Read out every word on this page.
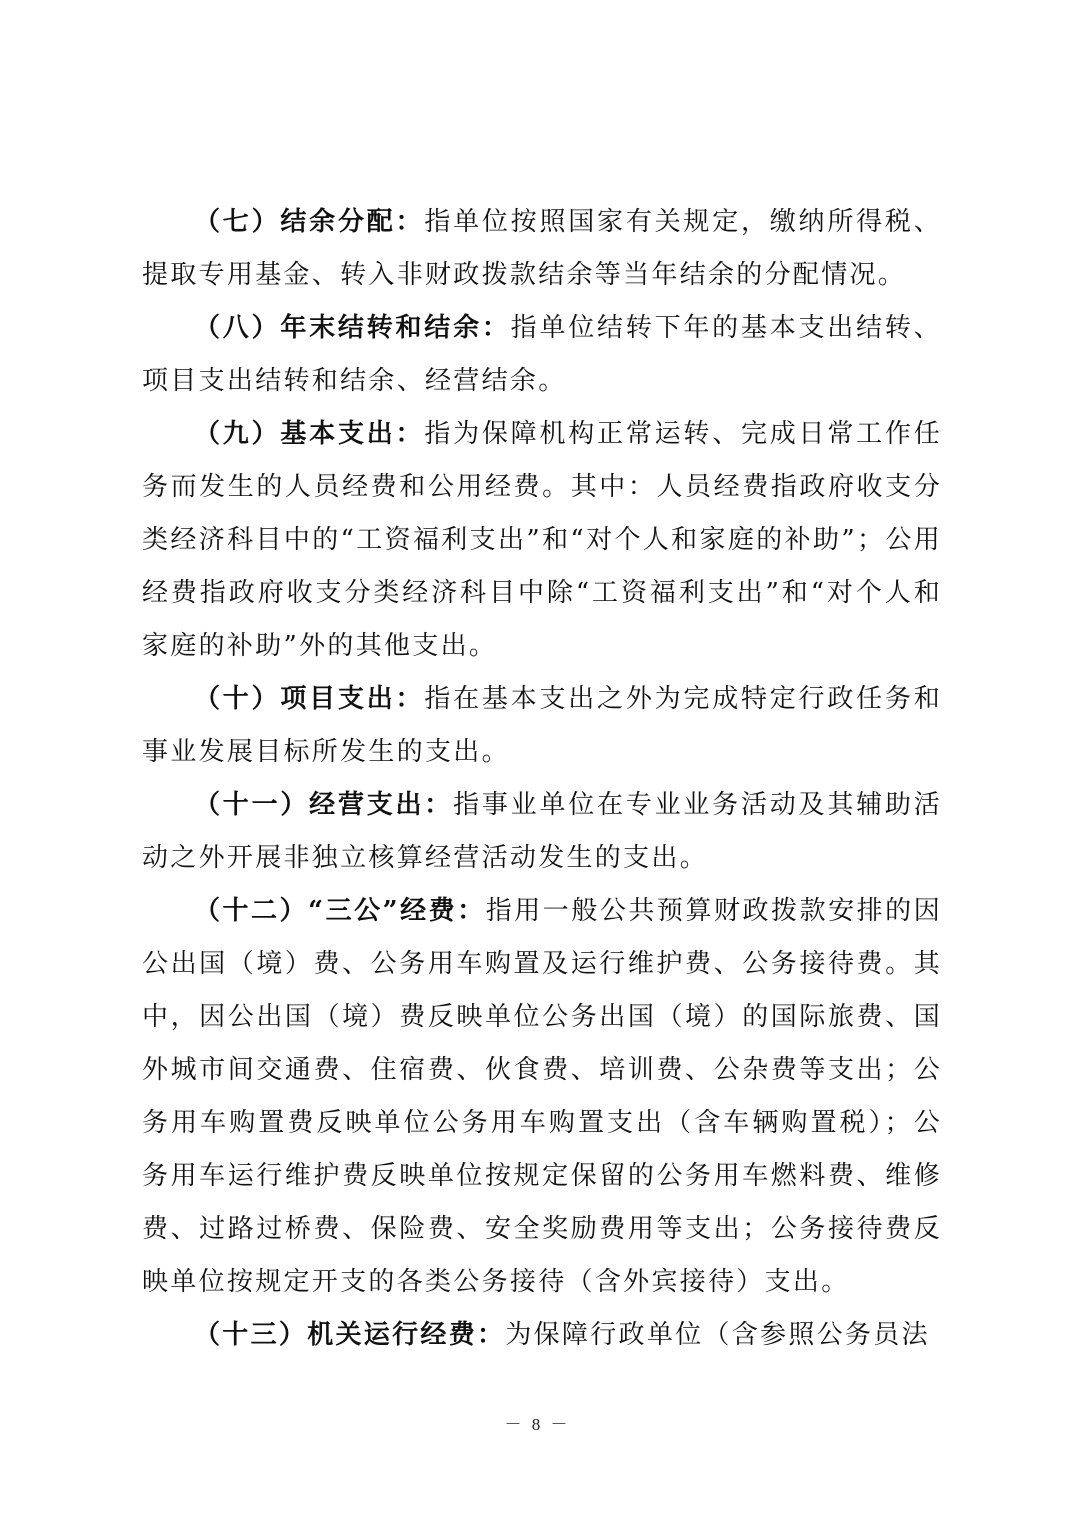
（七）结余分配：指单位按照国家有关规定，缴纳所得税、提取专用基金、转入非财政拨款结余等当年结余的分配情况。

（八）年末结转和结余：指单位结转下年的基本支出结转、项目支出结转和结余、经营结余。

（九）基本支出：指为保障机构正常运转、完成日常工作任务而发生的人员经费和公用经费。其中：人员经费指政府收支分类经济科目中的“工资福利支出”和“对个人和家庭的补助”；公用经费指政府收支分类经济科目中除“工资福利支出”和“对个人和家庭的补助”外的其他支出。

（十）项目支出：指在基本支出之外为完成特定行政任务和事业发展目标所发生的支出。

（十一）经营支出：指事业单位在专业业务活动及其辅助活动之外开展非独立核算经营活动发生的支出。

（十二）“三公”经费：指用一般公共预算财政拨款安排的因公出国（境）费、公务用车购置及运行维护费、公务接待费。其中，因公出国（境）费反映单位公务出国（境）的国际旅费、国外城市间交通费、住宿费、伙食费、培训费、公杂费等支出；公务用车购置费反映单位公务用车购置支出（含车辆购置税）；公务用车运行维护费反映单位按规定保留的公务用车燃料费、维修费、过路过桥费、保险费、安全奖励费用等支出；公务接待费反映单位按规定开支的各类公务接待（含外宾接待）支出。

（十三）机关运行经费：为保障行政单位（含参照公务员法

－ 8 －
